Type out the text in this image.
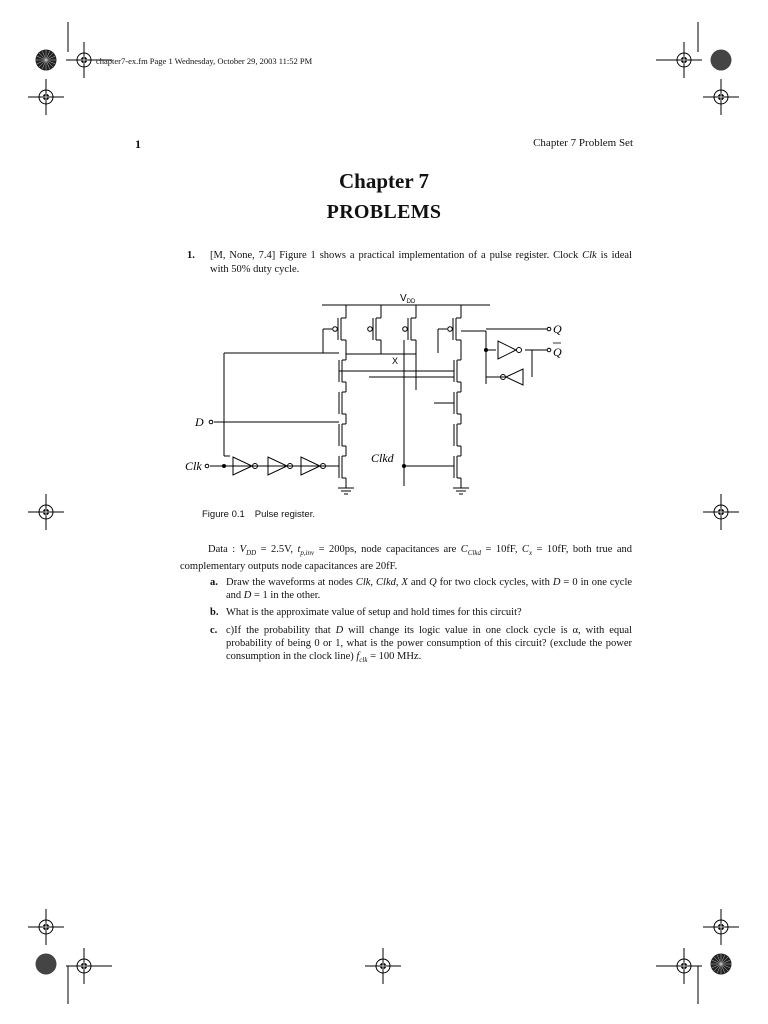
chapter7-ex.fm Page 1 Wednesday, October 29, 2003 11:52 PM
1	Chapter 7 Problem Set
Chapter 7
PROBLEMS
1. [M, None, 7.4] Figure 1 shows a practical implementation of a pulse register. Clock Clk is ideal with 50% duty cycle.
$V_{DD}$
Q
Q
X
D
Clk
Clkd
Figure 0.1 Pulse register.
Data : $V_{DD} = 2.5V$, $t_{p,inv} = 200ps$, node capacitances are $C_{Clkd} = 10fF$, $C_x = 10fF$, both true and complementary outputs node capacitances are 20fF.
a. Draw the waveforms at nodes Clk, Clkd, X and Q for two clock cycles, with D = 0 in one cycle and D = 1 in the other.
b. What is the approximate value of setup and hold times for this circuit?
c. c)If the probability that D will change its logic value in one clock cycle is α, with equal probability of being 0 or 1, what is the power consumption of this circuit? (exclude the power consumption in the clock line) $f_{clk} = 100$ MHz.
